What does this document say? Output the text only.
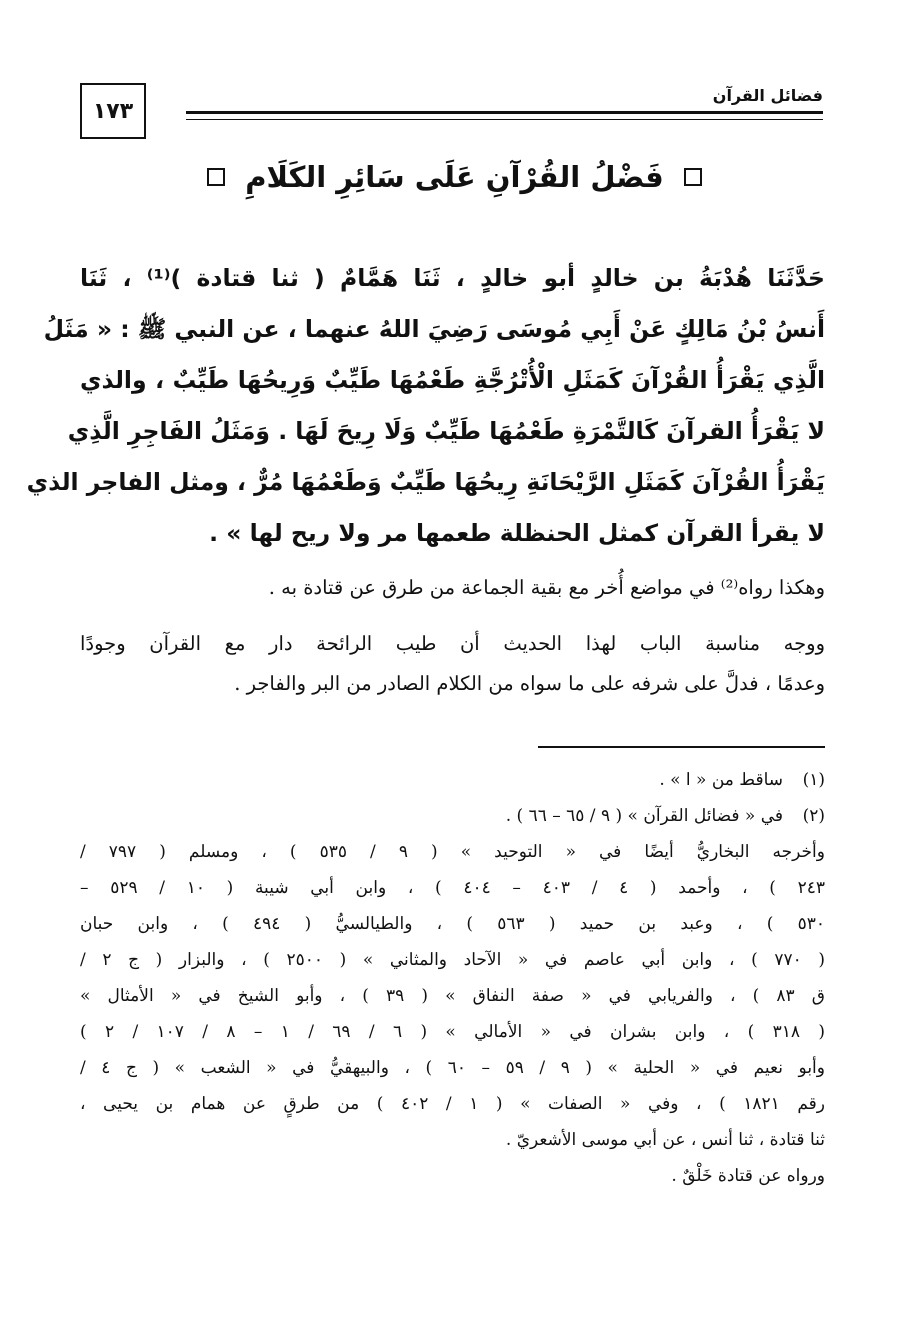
١٧٣
فضائل القرآن
فَضْلُ القُرْآنِ عَلَى سَائِرِ الكَلَامِ
حَدَّثَنَا هُدْبَةُ بن خالدٍ أبو خالدٍ ، ثَنَا هَمَّامٌ ( ثنا قتادة )⁽¹⁾ ، ثَنَا
أَنسُ بْنُ مَالِكٍ عَنْ أَبِي مُوسَى رَضِيَ اللهُ عنهما ، عن النبي ﷺ : « مَثَلُ
الَّذِي يَقْرَأُ القُرْآنَ كَمَثَلِ الْأُتْرُجَّةِ طَعْمُهَا طَيِّبٌ وَرِيحُهَا طَيِّبٌ ، والذي
لا يَقْرَأُ القرآنَ كَالتَّمْرَةِ طَعْمُهَا طَيِّبٌ وَلَا رِيحَ لَهَا . وَمَثَلُ الفَاجِرِ الَّذِي
يَقْرَأُ القُرْآنَ كَمَثَلِ الرَّيْحَانَةِ رِيحُهَا طَيِّبٌ وَطَعْمُهَا مُرٌّ ، ومثل الفاجر الذي
لا يقرأ القرآن كمثل الحنظلة طعمها مر ولا ريح لها » .
وهكذا رواه⁽²⁾ في مواضع أُخر مع بقية الجماعة من طرق عن قتادة به .
ووجه مناسبة الباب لهذا الحديث أن طيب الرائحة دار مع القرآن وجودًا
وعدمًا ، فدلَّ على شرفه على ما سواه من الكلام الصادر من البر والفاجر .
(١)ساقط من « ا » .
(٢)في « فضائل القرآن » ( ٩ / ٦٥ – ٦٦ ) .
وأخرجه البخاريُّ أيضًا في « التوحيد » ( ٩ / ٥٣٥ ) ، ومسلم ( ٧٩٧ /
٢٤٣ ) ، وأحمد ( ٤ / ٤٠٣ – ٤٠٤ ) ، وابن أبي شيبة ( ١٠ / ٥٢٩ –
٥٣٠ ) ، وعبد بن حميد ( ٥٦٣ ) ، والطيالسيُّ ( ٤٩٤ ) ، وابن حبان
( ٧٧٠ ) ، وابن أبي عاصم في « الآحاد والمثاني » ( ٢٥٠٠ ) ، والبزار ( ج ٢ /
ق ٨٣ ) ، والفريابي في « صفة النفاق » ( ٣٩ ) ، وأبو الشيخ في « الأمثال »
( ٣١٨ ) ، وابن بشران في « الأمالي » ( ٦ / ٦٩ / ١ – ٨ / ١٠٧ / ٢ )
وأبو نعيم في « الحلية » ( ٩ / ٥٩ – ٦٠ ) ، والبيهقيُّ في « الشعب » ( ج ٤ /
رقم ١٨٢١ ) ، وفي « الصفات » ( ١ / ٤٠٢ ) من طرقٍ عن همام بن يحيى ،
ثنا قتادة ، ثنا أنس ، عن أبي موسى الأشعريّ .
ورواه عن قتادة خَلْقٌ .
